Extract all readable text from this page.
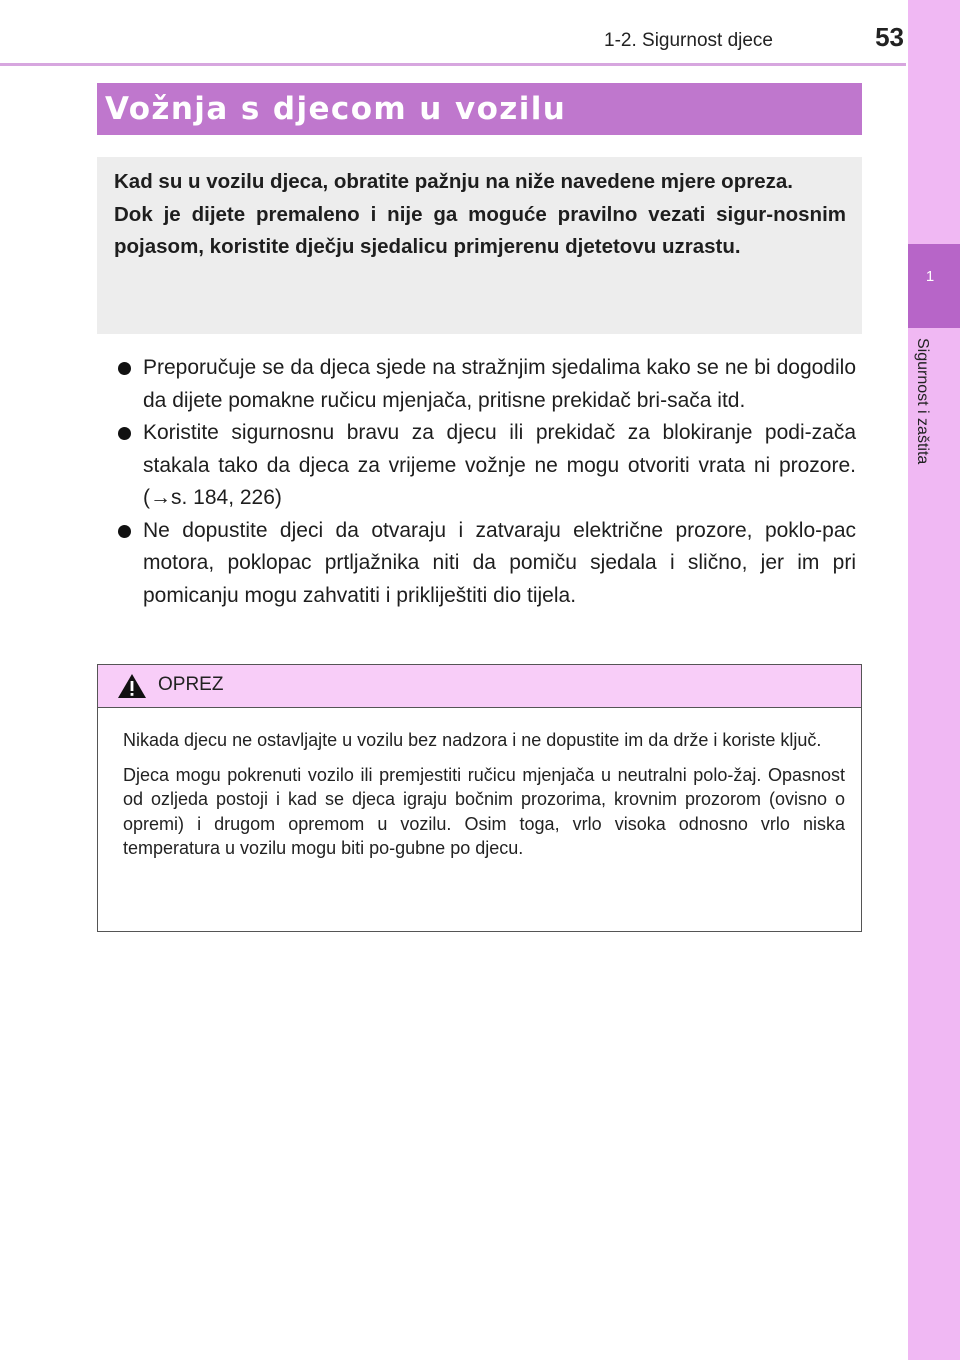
1-2. Sigurnost djece	53
1
Sigurnost i zaštita
Vožnja s djecom u vozilu

Kad su u vozilu djeca, obratite pažnju na niže navedene mjere opreza.

Dok je dijete premaleno i nije ga moguće pravilno vezati sigur-nosnim pojasom, koristite dječju sjedalicu primjerenu djetetovu uzrastu.

Preporučuje se da djeca sjede na stražnjim sjedalima kako se ne bi dogodilo da dijete pomakne ručicu mjenjača, pritisne prekidač bri-sača itd.
Koristite sigurnosnu bravu za djecu ili prekidač za blokiranje podi-zača stakala tako da djeca za vrijeme vožnje ne mogu otvoriti vrata ni prozore. (→s. 184, 226)
Ne dopustite djeci da otvaraju i zatvaraju električne prozore, poklo-pac motora, poklopac prtljažnika niti da pomiču sjedala i slično, jer im pri pomicanju mogu zahvatiti i prikliještiti dio tijela.
OPREZ

Nikada djecu ne ostavljajte u vozilu bez nadzora i ne dopustite im da drže i koriste ključ.

Djeca mogu pokrenuti vozilo ili premjestiti ručicu mjenjača u neutralni polo-žaj. Opasnost od ozljeda postoji i kad se djeca igraju bočnim prozorima, krovnim prozorom (ovisno o opremi) i drugom opremom u vozilu. Osim toga, vrlo visoka odnosno vrlo niska temperatura u vozilu mogu biti po-gubne po djecu.
